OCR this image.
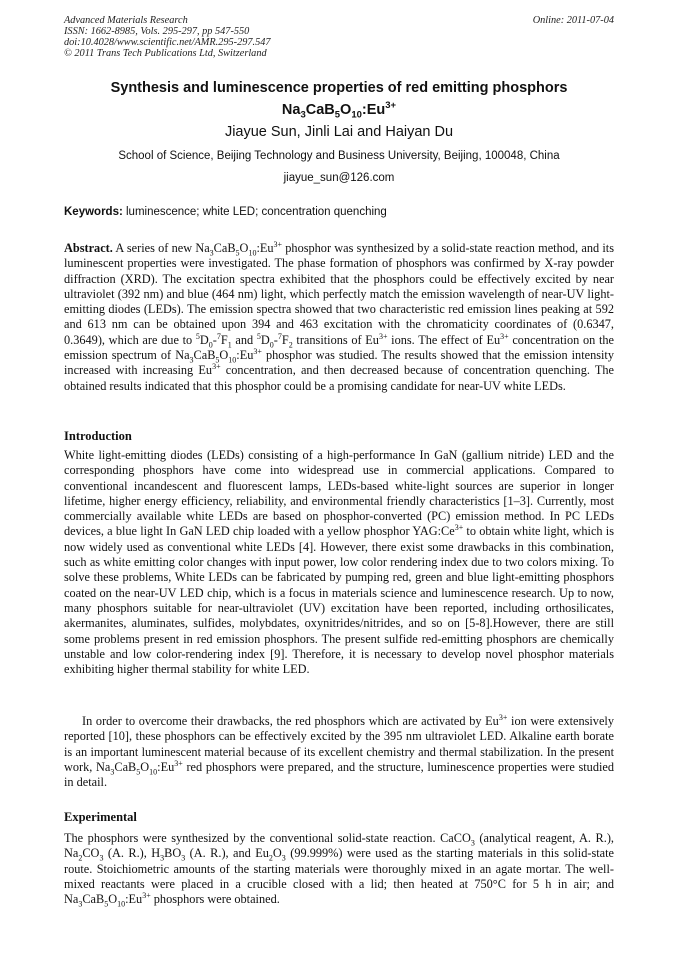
Advanced Materials Research
ISSN: 1662-8985, Vols. 295-297, pp 547-550
doi:10.4028/www.scientific.net/AMR.295-297.547
© 2011 Trans Tech Publications Ltd, Switzerland
Online: 2011-07-04
Synthesis and luminescence properties of red emitting phosphors
$Na_3CaB_5O_{10}:Eu^{3+}$
Jiayue Sun, Jinli Lai and Haiyan Du
School of Science, Beijing Technology and Business University, Beijing, 100048, China
jiayue_sun@126.com
Keywords: luminescence; white LED; concentration quenching

Abstract. A series of new $Na_3CaB_5O_{10}:Eu^{3+}$ phosphor was synthesized by a solid-state reaction method, and its luminescent properties were investigated. The phase formation of phosphors was confirmed by X-ray powder diffraction (XRD). The excitation spectra exhibited that the phosphors could be effectively excited by near ultraviolet (392 nm) and blue (464 nm) light, which perfectly match the emission wavelength of near-UV light-emitting diodes (LEDs). The emission spectra showed that two characteristic red emission lines peaking at 592 and 613 nm can be obtained upon 394 and 463 excitation with the chromaticity coordinates of (0.6347, 0.3649), which are due to $^5D_0-^7F_1$ and $^5D_0-^7F_2$ transitions of $Eu^{3+}$ ions. The effect of $Eu^{3+}$ concentration on the emission spectrum of $Na_3CaB_5O_{10}:Eu^{3+}$ phosphor was studied. The results showed that the emission intensity increased with increasing $Eu^{3+}$ concentration, and then decreased because of concentration quenching. The obtained results indicated that this phosphor could be a promising candidate for near-UV white LEDs.

Introduction

White light-emitting diodes (LEDs) consisting of a high-performance In GaN (gallium nitride) LED and the corresponding phosphors have come into widespread use in commercial applications. Compared to conventional incandescent and fluorescent lamps, LEDs-based white-light sources are superior in longer lifetime, higher energy efficiency, reliability, and environmental friendly characteristics [1–3]. Currently, most commercially available white LEDs are based on phosphor-converted (PC) emission method. In PC LEDs devices, a blue light In GaN LED chip loaded with a yellow phosphor $YAG:Ce^{3+}$ to obtain white light, which is now widely used as conventional white LEDs [4]. However, there exist some drawbacks in this combination, such as white emitting color changes with input power, low color rendering index due to two colors mixing. To solve these problems, White LEDs can be fabricated by pumping red, green and blue light-emitting phosphors coated on the near-UV LED chip, which is a focus in materials science and luminescence research. Up to now, many phosphors suitable for near-ultraviolet (UV) excitation have been reported, including orthosilicates, akermanites, aluminates, sulfides, molybdates, oxynitrides/nitrides, and so on [5-8].However, there are still some problems present in red emission phosphors. The present sulfide red-emitting phosphors are chemically unstable and low color-rendering index [9]. Therefore, it is necessary to develop novel phosphor materials exhibiting higher thermal stability for white LED.

In order to overcome their drawbacks, the red phosphors which are activated by $Eu^{3+}$ ion were extensively reported [10], these phosphors can be effectively excited by the 395 nm ultraviolet LED. Alkaline earth borate is an important luminescent material because of its excellent chemistry and thermal stabilization. In the present work, $Na_3CaB_5O_{10}:Eu^{3+}$ red phosphors were prepared, and the structure, luminescence properties were studied in detail.

Experimental

The phosphors were synthesized by the conventional solid-state reaction. CaCO$_3$ (analytical reagent, A. R.), $Na_2CO_3$ (A. R.), $H_3BO_3$ (A. R.), and $Eu_2O_3$ (99.999%) were used as the starting materials in this solid-state route. Stoichiometric amounts of the starting materials were thoroughly mixed in an agate mortar. The well-mixed reactants were placed in a crucible closed with a lid; then heated at 750°C for 5 h in air; and $Na_3CaB_5O_{10}:Eu^{3+}$ phosphors were obtained.
